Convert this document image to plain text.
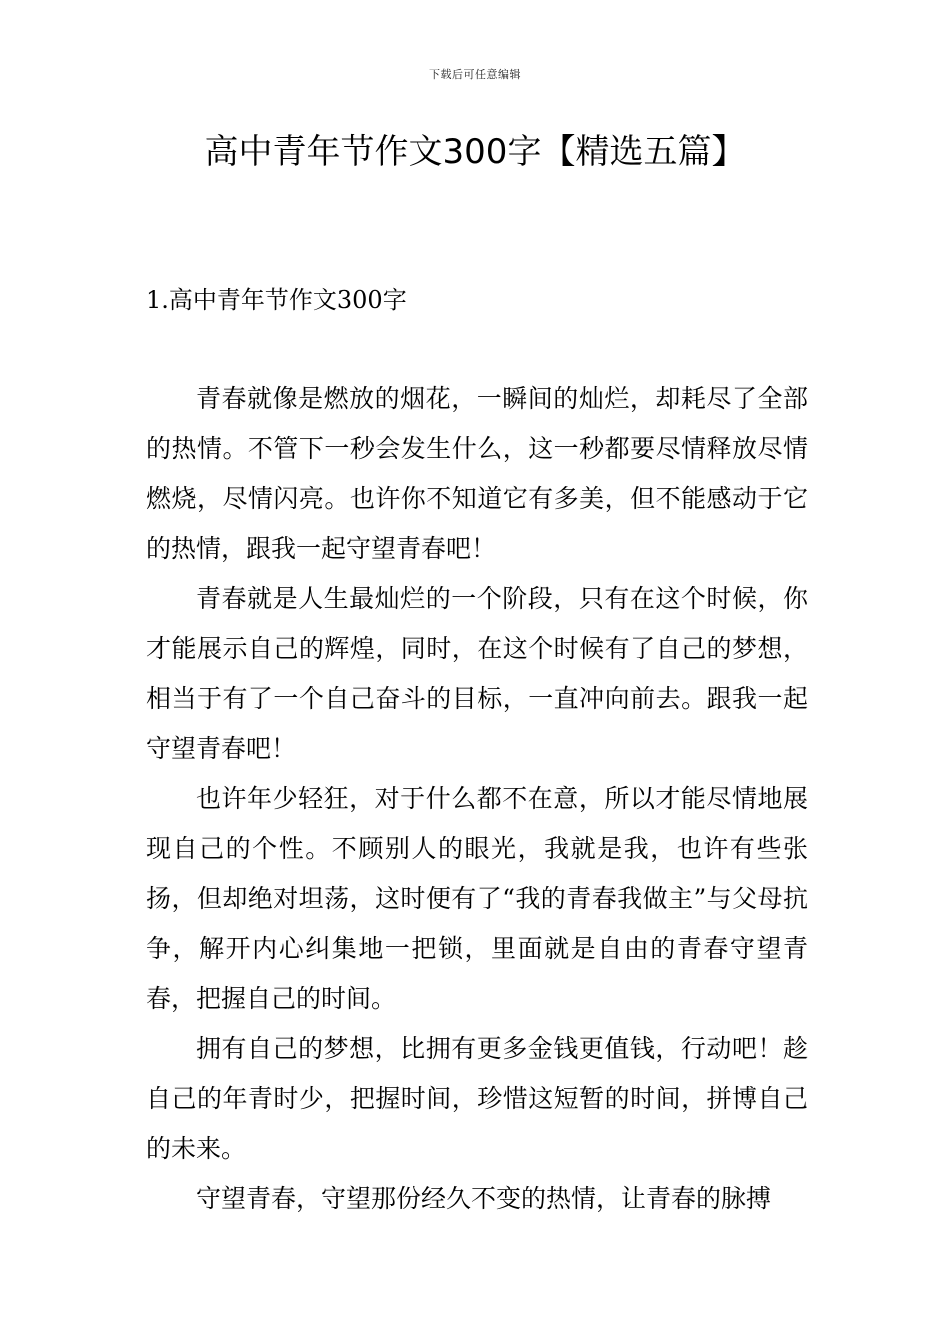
下载后可任意编辑
高中青年节作文300字【精选五篇】
1.高中青年节作文300字

青春就像是燃放的烟花，一瞬间的灿烂，却耗尽了全部的热情。不管下一秒会发生什么，这一秒都要尽情释放尽情燃烧，尽情闪亮。也许你不知道它有多美，但不能感动于它的热情，跟我一起守望青春吧！

青春就是人生最灿烂的一个阶段，只有在这个时候，你才能展示自己的辉煌，同时，在这个时候有了自己的梦想，相当于有了一个自己奋斗的目标，一直冲向前去。跟我一起守望青春吧！

也许年少轻狂，对于什么都不在意，所以才能尽情地展现自己的个性。不顾别人的眼光，我就是我，也许有些张扬，但却绝对坦荡，这时便有了“我的青春我做主”与父母抗争，解开内心纠集地一把锁，里面就是自由的青春守望青春，把握自己的时间。

拥有自己的梦想，比拥有更多金钱更值钱，行动吧！趁自己的年青时少，把握时间，珍惜这短暂的时间，拼博自己的未来。

守望青春，守望那份经久不变的热情，让青春的脉搏
